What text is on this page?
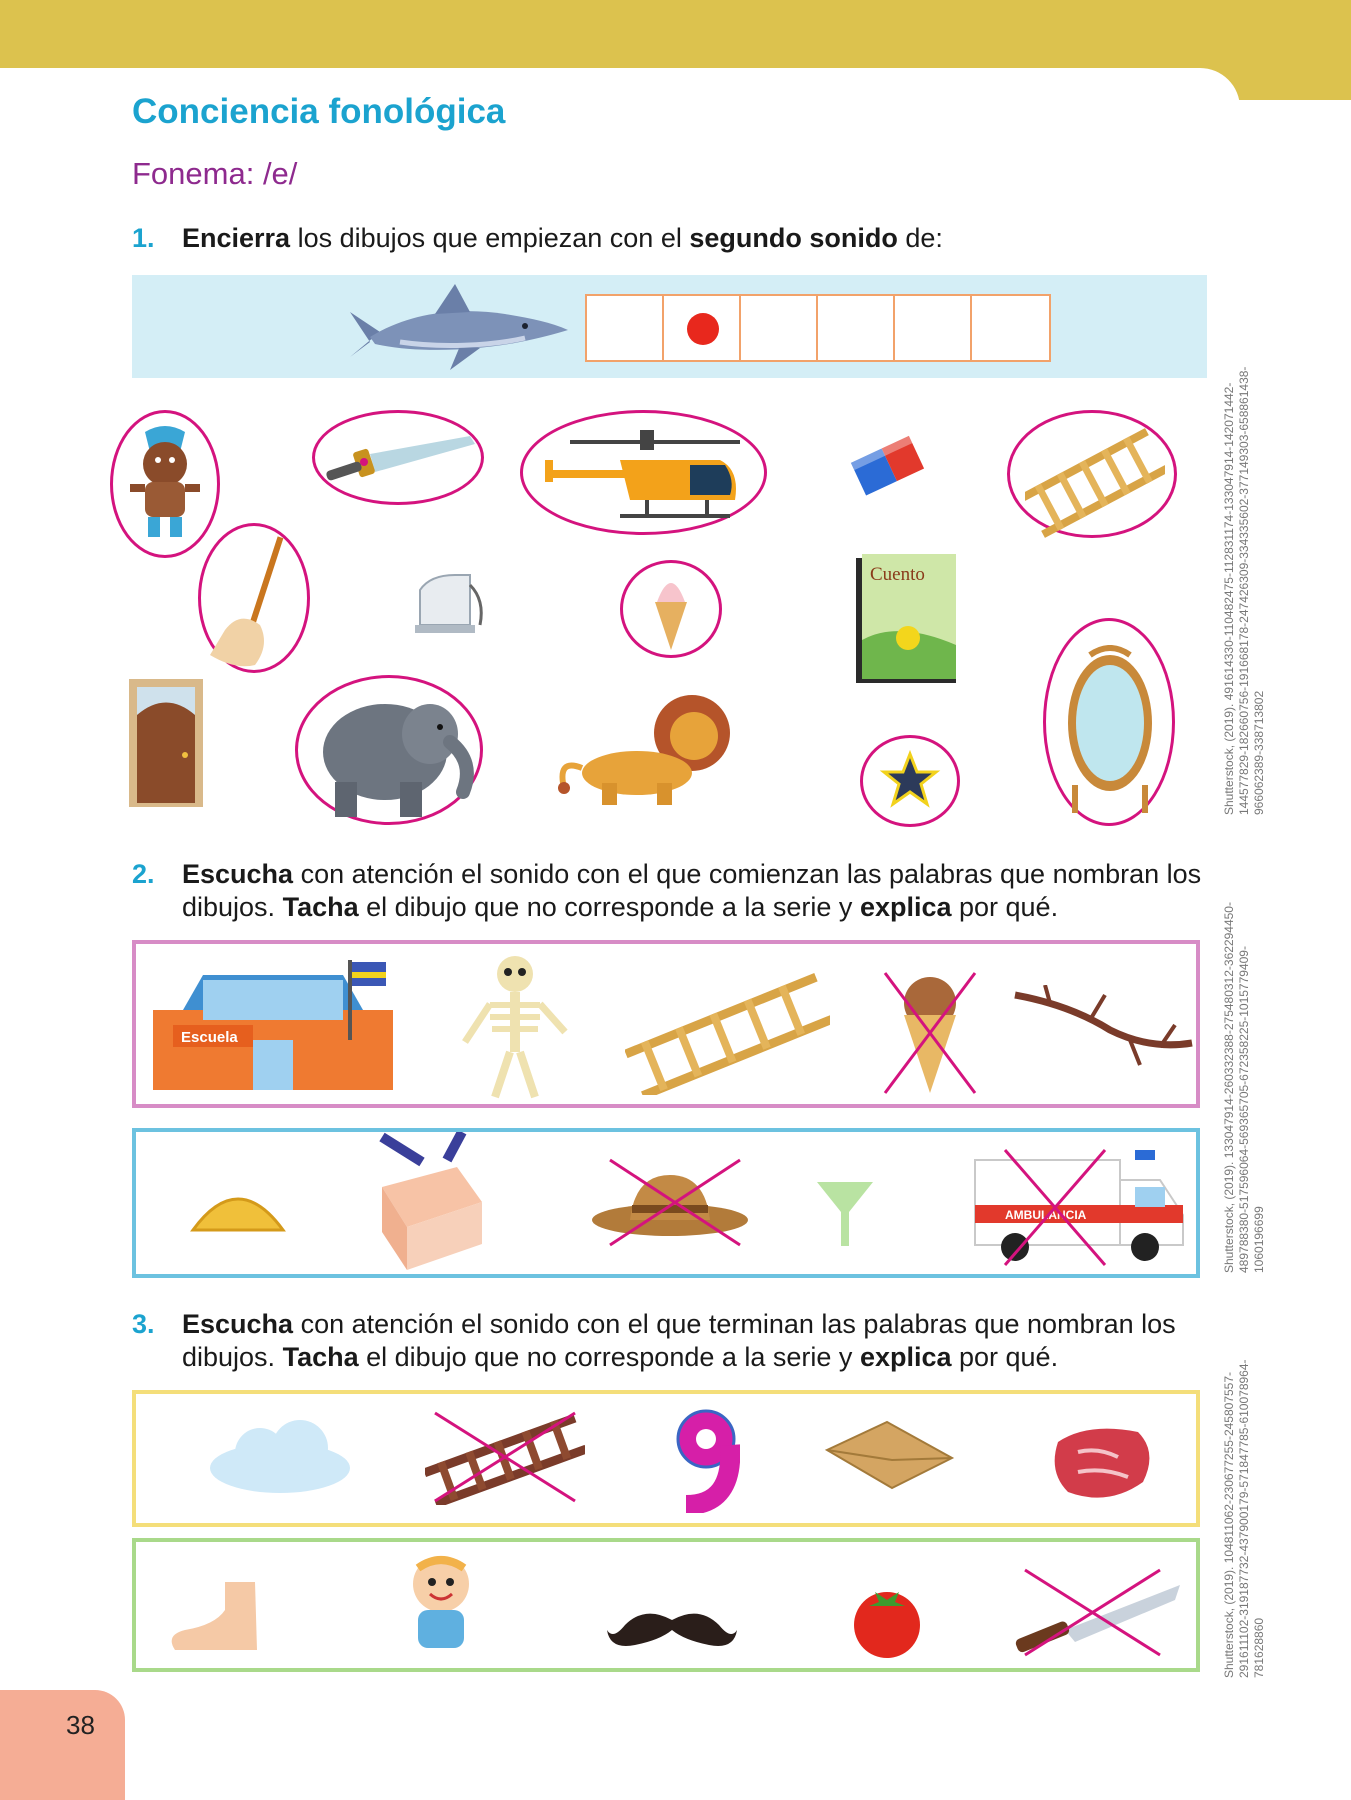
Conciencia fonológica
Fonema: /e/
1. Encierra los dibujos que empiezan con el segundo sonido de:
Cuento
2. Escucha con atención el sonido con el que comienzan las palabras que nombran los dibujos. Tacha el dibujo que no corresponde a la serie y explica por qué.
Escuela
AMBULANCIA
3. Escucha con atención el sonido con el que terminan las palabras que nombran los dibujos. Tacha el dibujo que no corresponde a la serie y explica por qué.
Shutterstock, (2019). 491614330-110482475-112831174-133047914-142071442-144577829-182660756-191668178-247426309-334335602-377149303-658861438-966062389-338713802
Shutterstock, (2019). 133047914-260332388-275480312-362294450-489788380-517596064-569365705-672358225-1015779409-1060196699
Shutterstock, (2019). 104811062-230677255-245807557-291611102-319187732-437900179-571847785-610078964-781628860
38
